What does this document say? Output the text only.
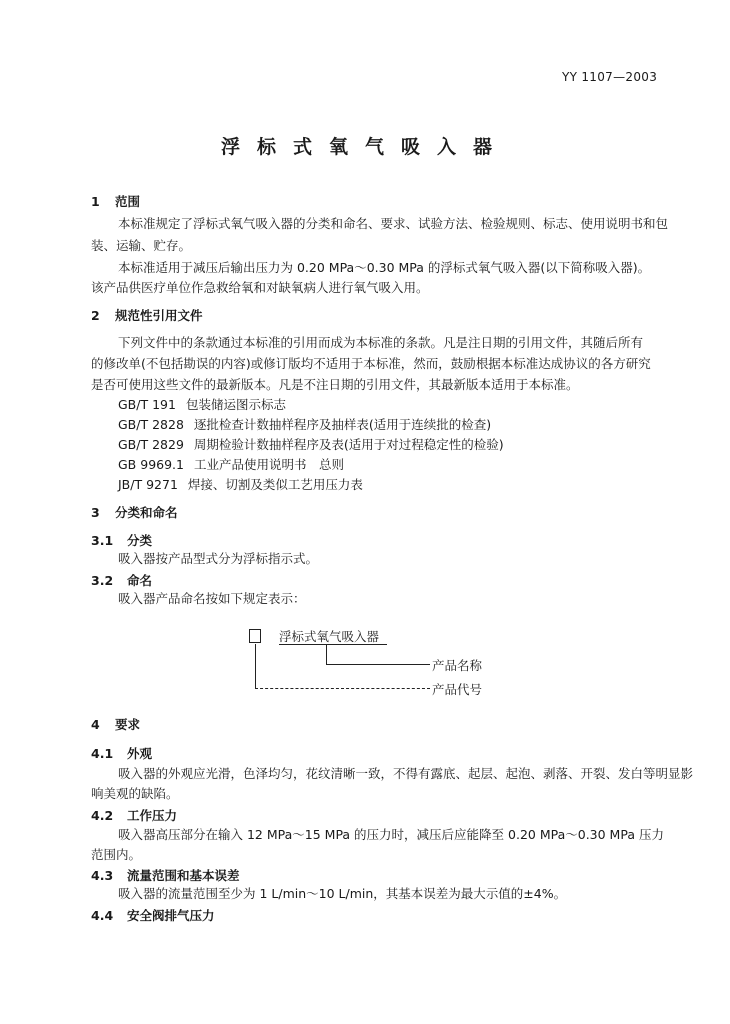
YY 1107—2003
浮标式氧气吸入器
1 范围
本标准规定了浮标式氧气吸入器的分类和命名、要求、试验方法、检验规则、标志、使用说明书和包
装、运输、贮存。
本标准适用于减压后输出压力为 0.20 MPa～0.30 MPa 的浮标式氧气吸入器(以下简称吸入器)。
该产品供医疗单位作急救给氧和对缺氧病人进行氧气吸入用。
2 规范性引用文件
下列文件中的条款通过本标准的引用而成为本标准的条款。凡是注日期的引用文件，其随后所有
的修改单(不包括勘误的内容)或修订版均不适用于本标准，然而，鼓励根据本标准达成协议的各方研究
是否可使用这些文件的最新版本。凡是不注日期的引用文件，其最新版本适用于本标准。
GB/T 191 包装储运图示标志
GB/T 2828 逐批检查计数抽样程序及抽样表(适用于连续批的检查)
GB/T 2829 周期检验计数抽样程序及表(适用于对过程稳定性的检验)
GB 9969.1 工业产品使用说明书　总则
JB/T 9271 焊接、切割及类似工艺用压力表
3 分类和命名
3.1 分类
吸入器按产品型式分为浮标指示式。
3.2 命名
吸入器产品命名按如下规定表示：
浮标式氧气吸入器
产品名称
产品代号
4 要求
4.1 外观
吸入器的外观应光滑，色泽均匀，花纹清晰一致，不得有露底、起层、起泡、剥落、开裂、发白等明显影
响美观的缺陷。
4.2 工作压力
吸入器高压部分在输入 12 MPa～15 MPa 的压力时，减压后应能降至 0.20 MPa～0.30 MPa 压力
范围内。
4.3 流量范围和基本误差
吸入器的流量范围至少为 1 L/min～10 L/min，其基本误差为最大示值的±4%。
4.4 安全阀排气压力
